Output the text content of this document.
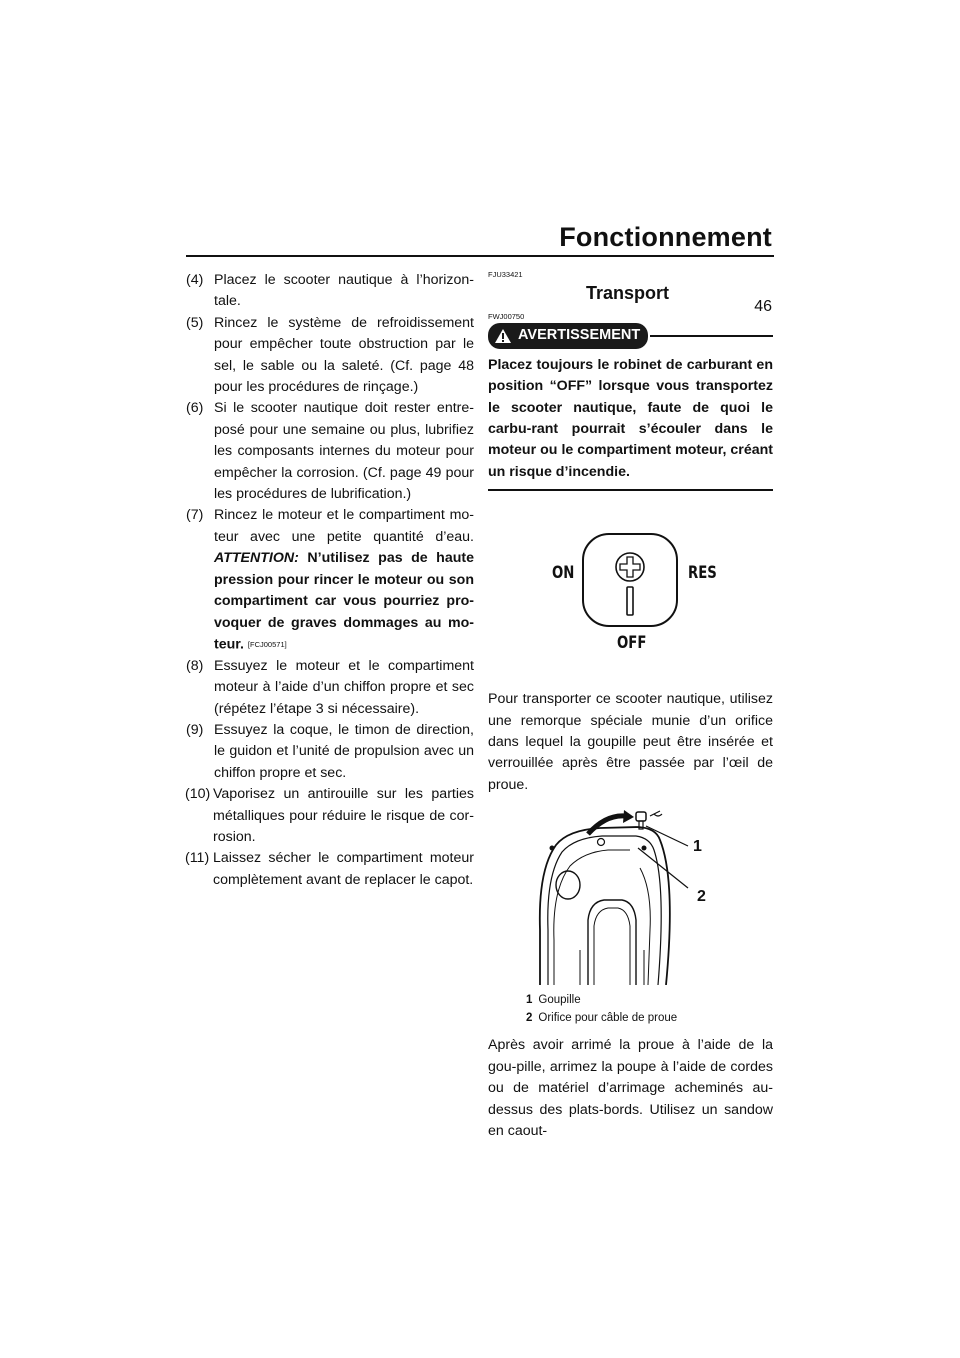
Fonctionnement
46
(4) Placez le scooter nautique à l’horizon-tale.
(5) Rincez le système de refroidissement pour empêcher toute obstruction par le sel, le sable ou la saleté. (Cf. page 48 pour les procédures de rinçage.)
(6) Si le scooter nautique doit rester entre-posé pour une semaine ou plus, lubrifiez les composants internes du moteur pour empêcher la corrosion. (Cf. page 49 pour les procédures de lubrification.)
(7) Rincez le moteur et le compartiment mo-teur avec une petite quantité d’eau. ATTENTION: N’utilisez pas de haute pression pour rincer le moteur ou son compartiment car vous pourriez pro-voquer de graves dommages au mo-teur. [FCJ00571]
(8) Essuyez le moteur et le compartiment moteur à l’aide d’un chiffon propre et sec (répétez l’étape 3 si nécessaire).
(9) Essuyez la coque, le timon de direction, le guidon et l’unité de propulsion avec un chiffon propre et sec.
(10) Vaporisez un antirouille sur les parties métalliques pour réduire le risque de cor-rosion.
(11) Laissez sécher le compartiment moteur complètement avant de replacer le capot.
FJU33421
Transport
FWJ00750
AVERTISSEMENT
Placez toujours le robinet de carburant en position “OFF” lorsque vous transportez le scooter nautique, faute de quoi le carbu-rant pourrait s’écouler dans le moteur ou le compartiment moteur, créant un risque d’incendie.
ON	RES
OFF
Pour transporter ce scooter nautique, utilisez une remorque spéciale munie d’un orifice dans lequel la goupille peut être insérée et verrouillée après être passée par l’œil de proue.
1
2
1 Goupille
2 Orifice pour câble de proue
Après avoir arrimé la proue à l’aide de la gou-pille, arrimez la poupe à l’aide de cordes ou de matériel d’arrimage acheminés au-dessus des plats-bords. Utilisez un sandow en caout-
